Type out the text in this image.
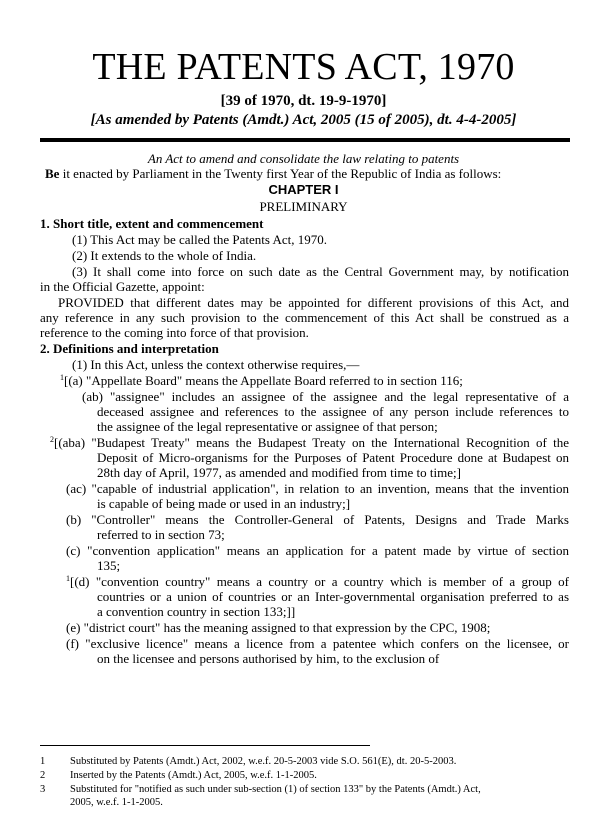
THE PATENTS ACT, 1970
[39 of 1970, dt. 19-9-1970]
[As amended by Patents (Amdt.) Act, 2005 (15 of 2005), dt. 4-4-2005]
An Act to amend and consolidate the law relating to patents
Be it enacted by Parliament in the Twenty first Year of the Republic of India as follows:
CHAPTER I
PRELIMINARY
1. Short title, extent and commencement
(1) This Act may be called the Patents Act, 1970.
(2) It extends to the whole of India.
(3) It shall come into force on such date as the Central Government may, by notification
in the Official Gazette, appoint:
PROVIDED that different dates may be appointed for different provisions of this Act, and
any reference in any such provision to the commencement of this Act shall be construed as a
reference to the coming into force of that provision.
2. Definitions and interpretation
(1) In this Act, unless the context otherwise requires,—
$^1$[(a) "Appellate Board" means the Appellate Board referred to in section 116;
(ab) "assignee" includes an assignee of the assignee and the legal representative of a
deceased assignee and references to the assignee of any person include references to
the assignee of the legal representative or assignee of that person;
$^2$[(aba) "Budapest Treaty" means the Budapest Treaty on the International Recognition of the
Deposit of Micro-organisms for the Purposes of Patent Procedure done at Budapest on
28th day of April, 1977, as amended and modified from time to time;]
(ac) "capable of industrial application", in relation to an invention, means that the invention
is capable of being made or used in an industry;]
(b) "Controller" means the Controller-General of Patents, Designs and Trade Marks
referred to in section 73;
(c) "convention application" means an application for a patent made by virtue of section
135;
$^1$[(d) "convention country" means a country or a country which is member of a group of
countries or a union of countries or an Inter-governmental organisation preferred to as
a convention country in section 133;]]
(e) "district court" has the meaning assigned to that expression by the CPC, 1908;
(f) "exclusive licence" means a licence from a patentee which confers on the licensee, or
on the licensee and persons authorised by him, to the exclusion of
1 Substituted by Patents (Amdt.) Act, 2002, w.e.f. 20-5-2003 vide S.O. 561(E), dt. 20-5-2003.
2 Inserted by the Patents (Amdt.) Act, 2005, w.e.f. 1-1-2005.
3 Substituted for "notified as such under sub-section (1) of section 133" by the Patents (Amdt.) Act,
2005, w.e.f. 1-1-2005.
